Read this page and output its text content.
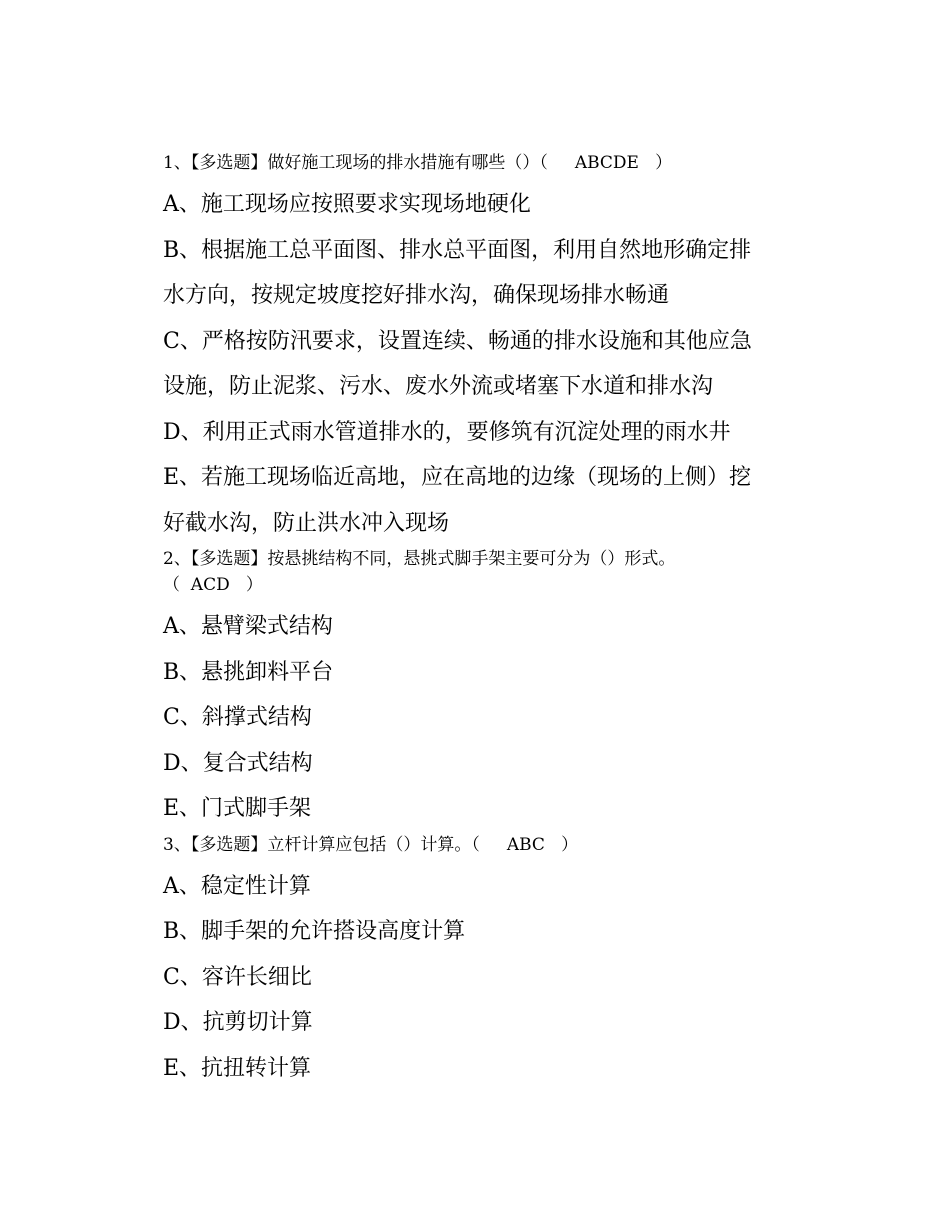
1、【多选题】做好施工现场的排水措施有哪些（）（     ABCDE   ）

A、施工现场应按照要求实现场地硬化

B、根据施工总平面图、排水总平面图，利用自然地形确定排

水方向，按规定坡度挖好排水沟，确保现场排水畅通

C、严格按防汛要求，设置连续、畅通的排水设施和其他应急

设施，防止泥浆、污水、废水外流或堵塞下水道和排水沟

D、利用正式雨水管道排水的，要修筑有沉淀处理的雨水井

E、若施工现场临近高地，应在高地的边缘（现场的上侧）挖

好截水沟，防止洪水冲入现场

2、【多选题】按悬挑结构不同，悬挑式脚手架主要可分为（）形式。

（  ACD   ）

A、悬臂梁式结构

B、悬挑卸料平台

C、斜撑式结构

D、复合式结构

E、门式脚手架

3、【多选题】立杆计算应包括（）计算。（     ABC   ）

A、稳定性计算

B、脚手架的允许搭设高度计算

C、容许长细比

D、抗剪切计算

E、抗扭转计算
